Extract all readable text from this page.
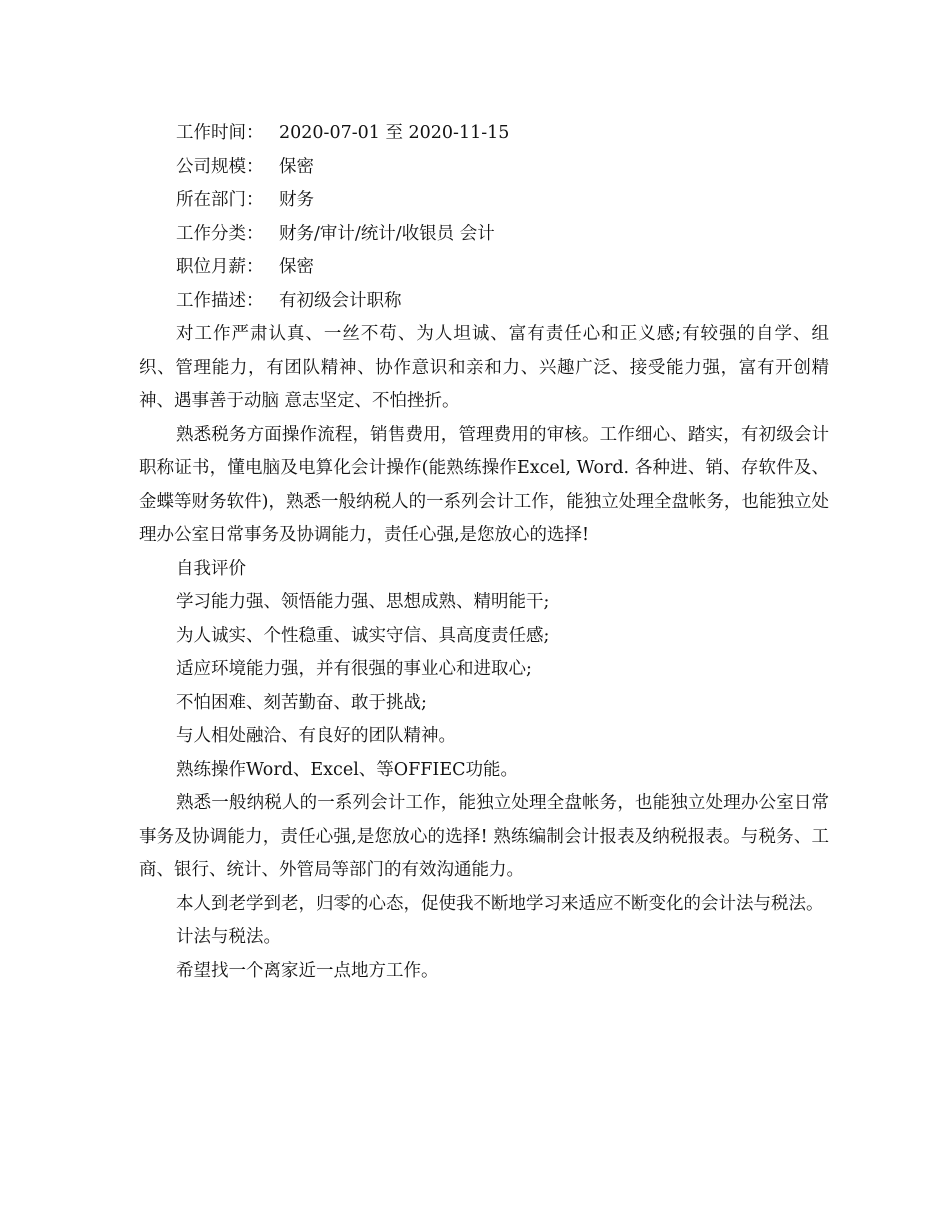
工作时间： 2020-07-01 至 2020-11-15
公司规模： 保密
所在部门： 财务
工作分类： 财务/审计/统计/收银员 会计
职位月薪： 保密
工作描述： 有初级会计职称

对工作严肃认真、一丝不苟、为人坦诚、富有责任心和正义感;有较强的自学、组织、管理能力，有团队精神、协作意识和亲和力、兴趣广泛、接受能力强，富有开创精神、遇事善于动脑 意志坚定、不怕挫折。

熟悉税务方面操作流程，销售费用，管理费用的审核。工作细心、踏实，有初级会计职称证书，懂电脑及电算化会计操作(能熟练操作Excel, Word. 各种进、销、存软件及、金蝶等财务软件)，熟悉一般纳税人的一系列会计工作，能独立处理全盘帐务，也能独立处理办公室日常事务及协调能力，责任心强,是您放心的选择!

自我评价

学习能力强、领悟能力强、思想成熟、精明能干;

为人诚实、个性稳重、诚实守信、具高度责任感;

适应环境能力强，并有很强的事业心和进取心;

不怕困难、刻苦勤奋、敢于挑战;

与人相处融洽、有良好的团队精神。

熟练操作Word、Excel、等OFFIEC功能。

熟悉一般纳税人的一系列会计工作，能独立处理全盘帐务，也能独立处理办公室日常事务及协调能力，责任心强,是您放心的选择! 熟练编制会计报表及纳税报表。与税务、工商、银行、统计、外管局等部门的有效沟通能力。

本人到老学到老，归零的心态，促使我不断地学习来适应不断变化的会计法与税法。

计法与税法。

希望找一个离家近一点地方工作。
